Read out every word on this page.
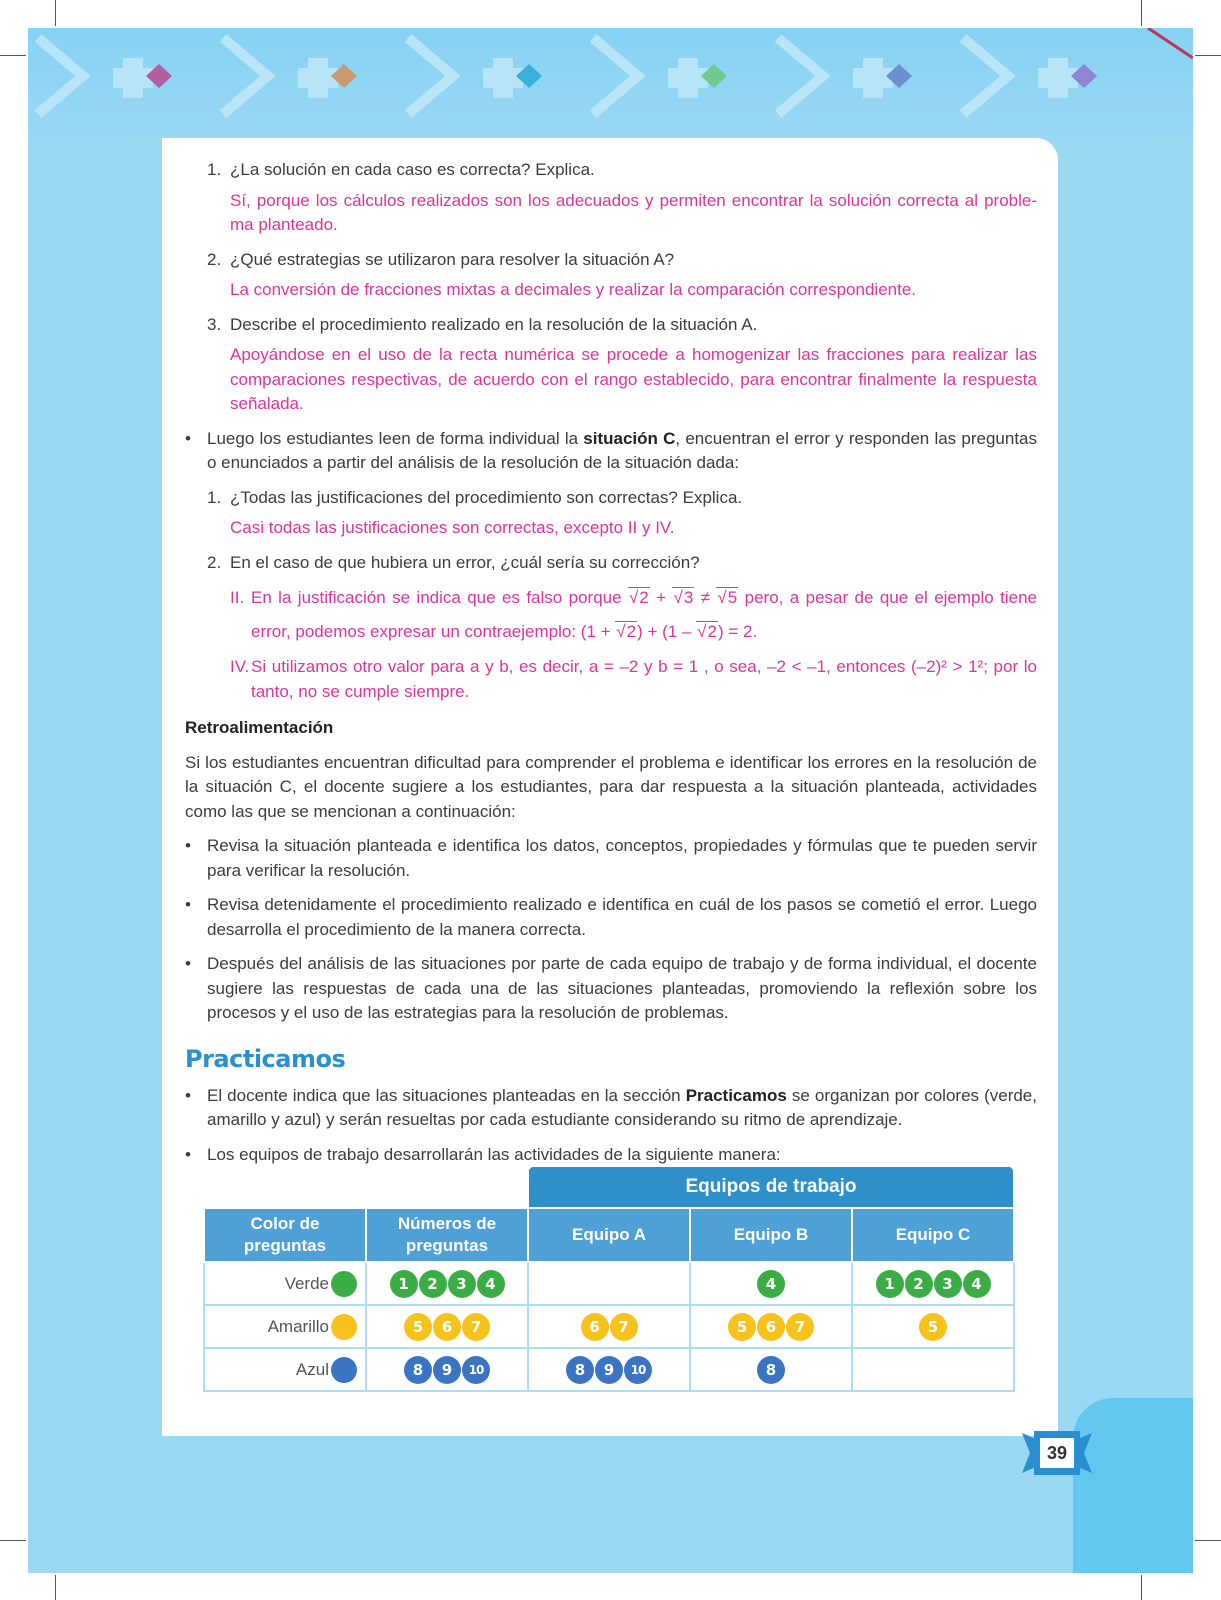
1. ¿La solución en cada caso es correcta? Explica.

Sí, porque los cálculos realizados son los adecuados y permiten encontrar la solución correcta al proble-ma planteado.

2. ¿Qué estrategias se utilizaron para resolver la situación A?

La conversión de fracciones mixtas a decimales y realizar la comparación correspondiente.

3. Describe el procedimiento realizado en la resolución de la situación A.

Apoyándose en el uso de la recta numérica se procede a homogenizar las fracciones para realizar las comparaciones respectivas, de acuerdo con el rango establecido, para encontrar finalmente la respuesta señalada.

• Luego los estudiantes leen de forma individual la situación C, encuentran el error y responden las preguntas o enunciados a partir del análisis de la resolución de la situación dada:

1. ¿Todas las justificaciones del procedimiento son correctas? Explica.

Casi todas las justificaciones son correctas, excepto II y IV.

2. En el caso de que hubiera un error, ¿cuál sería su corrección?

II. En la justificación se indica que es falso porque √ 2 + √ 3 ≠ √ 5 pero, a pesar de que el ejemplo tiene error, podemos expresar un contraejemplo: (1 + √ 2) + (1 – √ 2) = 2.

IV. Si utilizamos otro valor para a y b, es decir, a = –2 y b = 1 , o sea, –2 < –1, entonces (–2)² > 1²; por lo tanto, no se cumple siempre.

Retroalimentación

Si los estudiantes encuentran dificultad para comprender el problema e identificar los errores en la resolución de la situación C, el docente sugiere a los estudiantes, para dar respuesta a la situación planteada, actividades como las que se mencionan a continuación:

• Revisa la situación planteada e identifica los datos, conceptos, propiedades y fórmulas que te pueden servir para verificar la resolución.

• Revisa detenidamente el procedimiento realizado e identifica en cuál de los pasos se cometió el error. Luego desarrolla el procedimiento de la manera correcta.

• Después del análisis de las situaciones por parte de cada equipo de trabajo y de forma individual, el docente sugiere las respuestas de cada una de las situaciones planteadas, promoviendo la reflexión sobre los procesos y el uso de las estrategias para la resolución de problemas.

Practicamos

• El docente indica que las situaciones planteadas en la sección Practicamos se organizan por colores (verde, amarillo y azul) y serán resueltas por cada estudiante considerando su ritmo de aprendizaje.

• Los equipos de trabajo desarrollarán las actividades de la siguiente manera:

		Equipos de trabajo		
Color de preguntas	Números de preguntas	Equipo A	Equipo B	Equipo C
Verde	1 2 3 4		4	1 2 3 4

Amarillo	5 6 7	6 7	5 6 7	5

Azul	8 9 10	8 9 10	8	

39
